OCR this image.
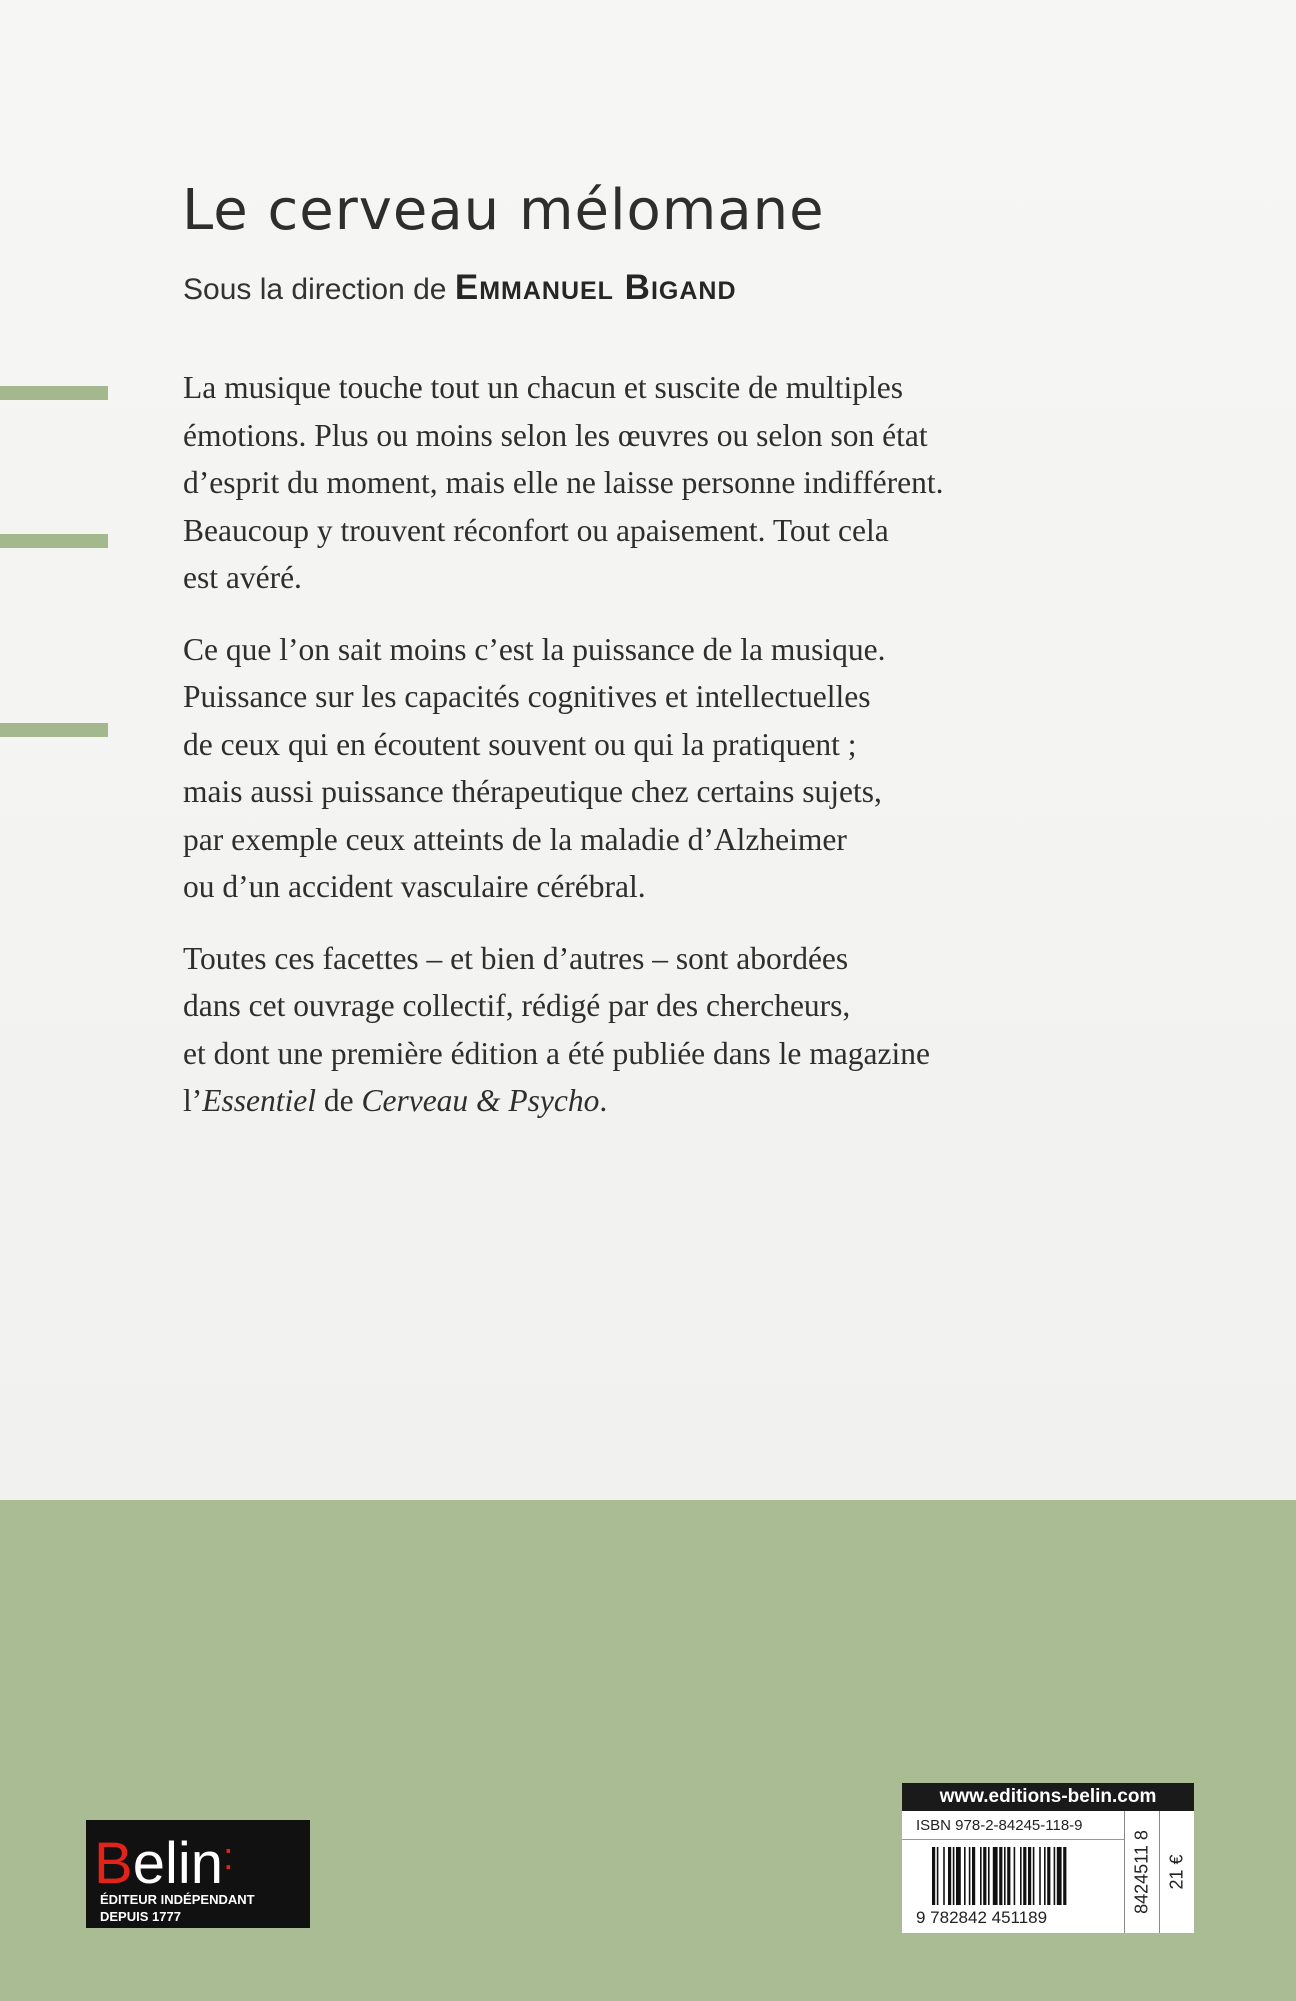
Le cerveau mélomane
Sous la direction de Emmanuel Bigand

La musique touche tout un chacun et suscite de multiples
émotions. Plus ou moins selon les œuvres ou selon son état
d’esprit du moment, mais elle ne laisse personne indifférent.
Beaucoup y trouvent réconfort ou apaisement. Tout cela
est avéré.

Ce que l’on sait moins c’est la puissance de la musique.
Puissance sur les capacités cognitives et intellectuelles
de ceux qui en écoutent souvent ou qui la pratiquent ;
mais aussi puissance thérapeutique chez certains sujets,
par exemple ceux atteints de la maladie d’Alzheimer
ou d’un accident vasculaire cérébral.

Toutes ces facettes – et bien d’autres – sont abordées
dans cet ouvrage collectif, rédigé par des chercheurs,
et dont une première édition a été publiée dans le magazine
l’Essentiel de Cerveau & Psycho.

Belin:
ÉDITEUR INDÉPENDANT
DEPUIS 1777
www.editions-belin.com
ISBN 978-2-84245-118-9
9 782842 451189
8424511 8 21 €
